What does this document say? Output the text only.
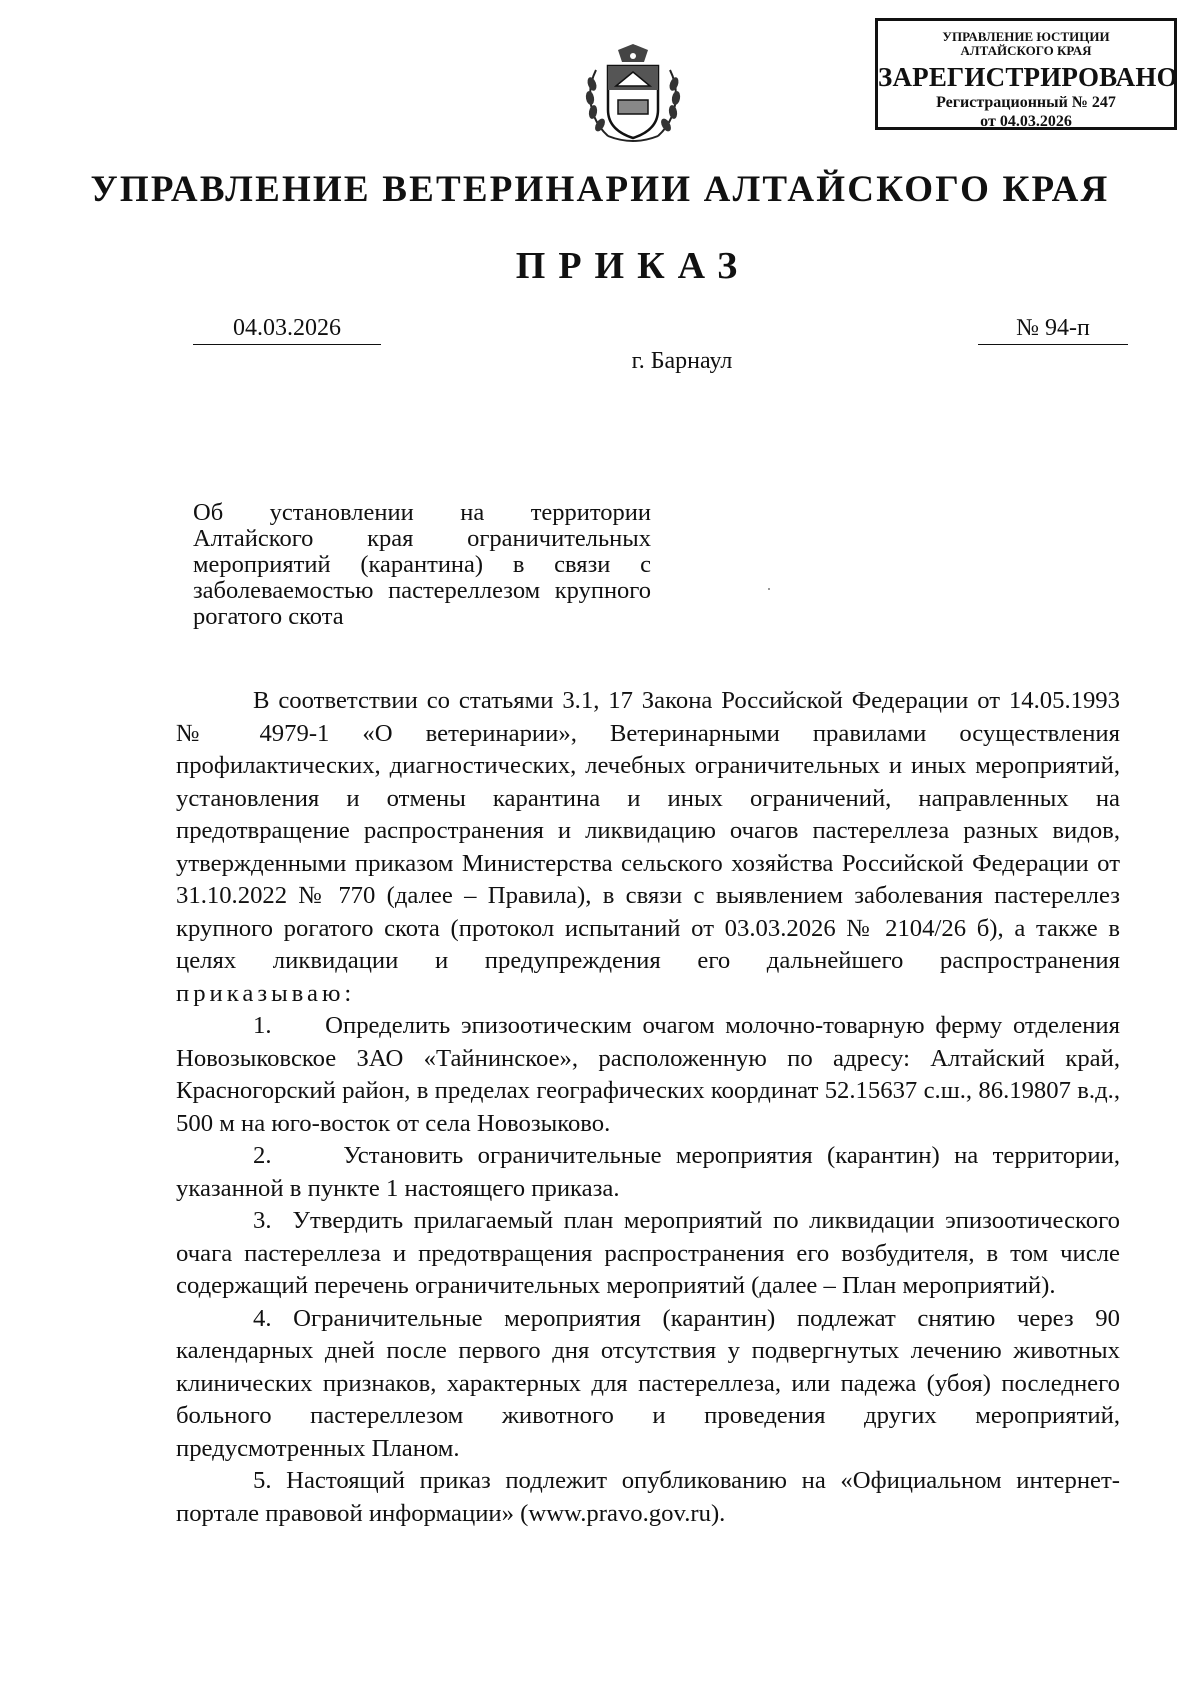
УПРАВЛЕНИЕ ЮСТИЦИИ
АЛТАЙСКОГО КРАЯ
ЗАРЕГИСТРИРОВАНО
Регистрационный № 247
от 04.03.2026
УПРАВЛЕНИЕ ВЕТЕРИНАРИИ АЛТАЙСКОГО КРАЯ
ПРИКАЗ
04.03.2026	№ 94-п
г. Барнаул
Об установлении на территории Алтайского края ограничительных мероприятий (карантина) в связи с заболеваемостью пастереллезом крупного рогатого скота

В соответствии со статьями 3.1, 17 Закона Российской Федерации от 14.05.1993 № 4979-1 «О ветеринарии», Ветеринарными правилами осуществления профилактических, диагностических, лечебных ограничительных и иных мероприятий, установления и отмены карантина и иных ограничений, направленных на предотвращение распространения и ликвидацию очагов пастереллеза разных видов, утвержденными приказом Министерства сельского хозяйства Российской Федерации от 31.10.2022 № 770 (далее – Правила), в связи с выявлением заболевания пастереллез крупного рогатого скота (протокол испытаний от 03.03.2026 № 2104/26 б), а также в целях ликвидации и предупреждения его дальнейшего распространения приказываю:

1.     Определить эпизоотическим очагом молочно-товарную ферму отделения Новозыковское ЗАО «Тайнинское», расположенную по адресу: Алтайский край, Красногорский район, в пределах географических координат 52.15637 с.ш., 86.19807 в.д., 500 м на юго-восток от села Новозыково.

2.     Установить ограничительные мероприятия (карантин) на территории, указанной в пункте 1 настоящего приказа.

3.  Утвердить прилагаемый план мероприятий по ликвидации эпизоотического очага пастереллеза и предотвращения распространения его возбудителя, в том числе содержащий перечень ограничительных мероприятий (далее – План мероприятий).

4. Ограничительные мероприятия (карантин) подлежат снятию через 90 календарных дней после первого дня отсутствия у подвергнутых лечению животных клинических признаков, характерных для пастереллеза, или падежа (убоя) последнего больного пастереллезом животного и проведения других мероприятий, предусмотренных Планом.

5. Настоящий приказ подлежит опубликованию на «Официальном интернет-портале правовой информации» (www.pravo.gov.ru).
